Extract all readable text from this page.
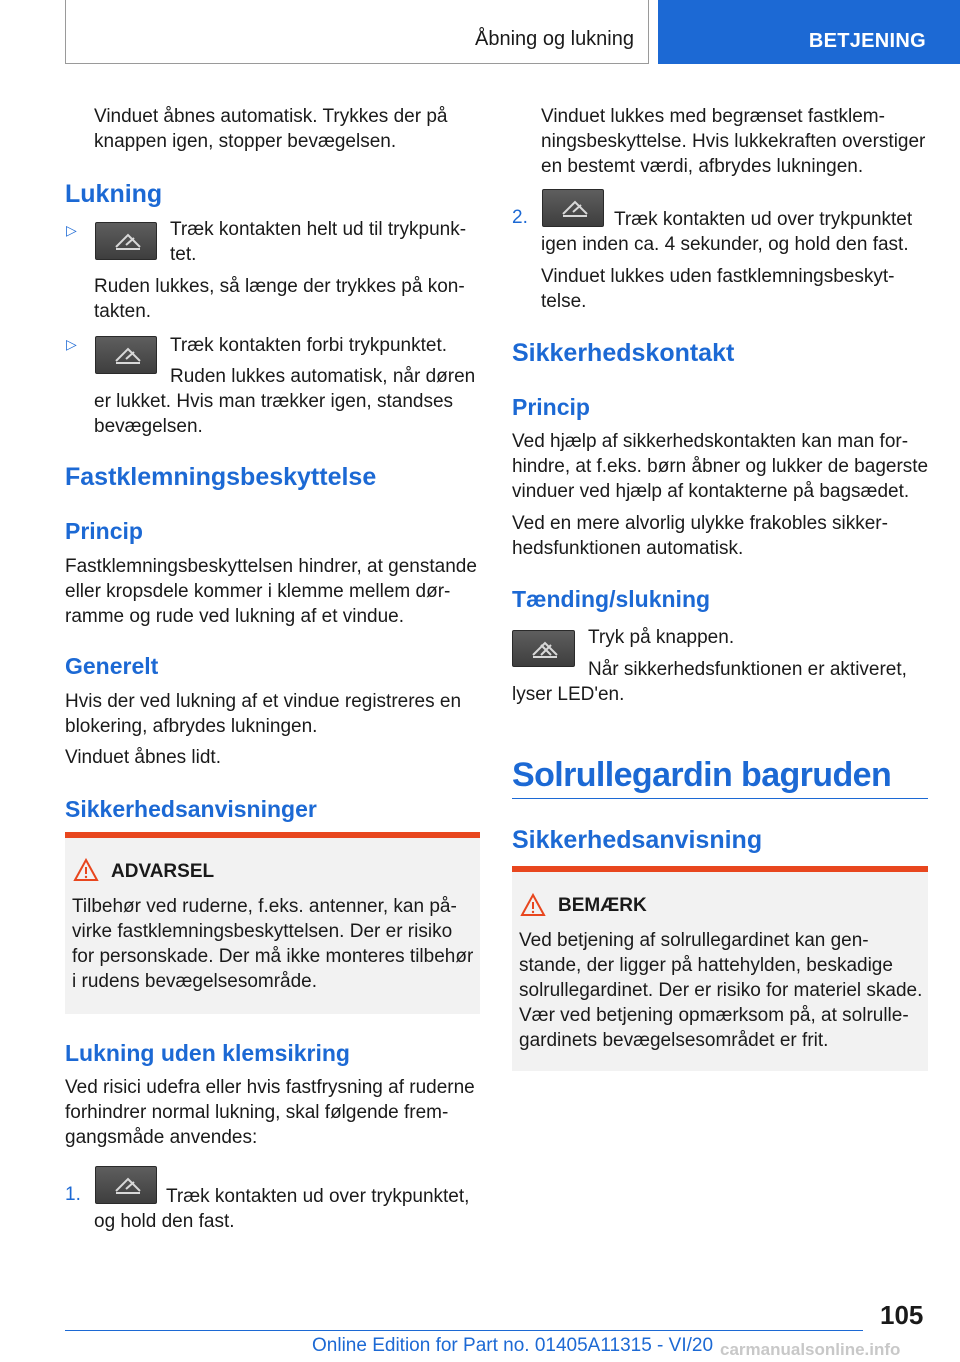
Åbning og lukning	BETJENING
Vinduet åbnes automatisk. Trykkes der på
knappen igen, stopper bevægelsen.
Lukning
▷	Træk kontakten helt ud til trykpunk-
tet.
Ruden lukkes, så længe der trykkes på kon-
takten.
▷	Træk kontakten forbi trykpunktet.
Ruden lukkes automatisk, når døren
er lukket. Hvis man trækker igen, standses
bevægelsen.
Fastklemningsbeskyttelse
Princip
Fastklemningsbeskyttelsen hindrer, at genstande
eller kropsdele kommer i klemme mellem dør-
ramme og rude ved lukning af et vindue.
Generelt
Hvis der ved lukning af et vindue registreres en
blokering, afbrydes lukningen.
Vinduet åbnes lidt.
Sikkerhedsanvisninger
ADVARSEL
Tilbehør ved ruderne, f.eks. antenner, kan på-
virke fastklemningsbeskyttelsen. Der er risiko
for personskade. Der må ikke monteres tilbehør
i rudens bevægelsesområde.
Lukning uden klemsikring
Ved risici udefra eller hvis fastfrysning af ruderne
forhindrer normal lukning, skal følgende frem-
gangsmåde anvendes:
1.	Træk kontakten ud over trykpunktet,
og hold den fast.
Vinduet lukkes med begrænset fastklem-
ningsbeskyttelse. Hvis lukkekraften overstiger
en bestemt værdi, afbrydes lukningen.
2.	Træk kontakten ud over trykpunktet
igen inden ca. 4 sekunder, og hold den fast.
Vinduet lukkes uden fastklemningsbeskyt-
telse.
Sikkerhedskontakt
Princip
Ved hjælp af sikkerhedskontakten kan man for-
hindre, at f.eks. børn åbner og lukker de bagerste
vinduer ved hjælp af kontakterne på bagsædet.
Ved en mere alvorlig ulykke frakobles sikker-
hedsfunktionen automatisk.
Tænding/slukning
Tryk på knappen.
Når sikkerhedsfunktionen er aktiveret,
lyser LED'en.
Solrullegardin bagruden
Sikkerhedsanvisning
BEMÆRK
Ved betjening af solrullegardinet kan gen-
stande, der ligger på hattehylden, beskadige
solrullegardinet. Der er risiko for materiel skade.
Vær ved betjening opmærksom på, at solrulle-
gardinets bevægelsesområdet er frit.
105
Online Edition for Part no. 01405A11315 - VI/20 carmanualsonline.info
